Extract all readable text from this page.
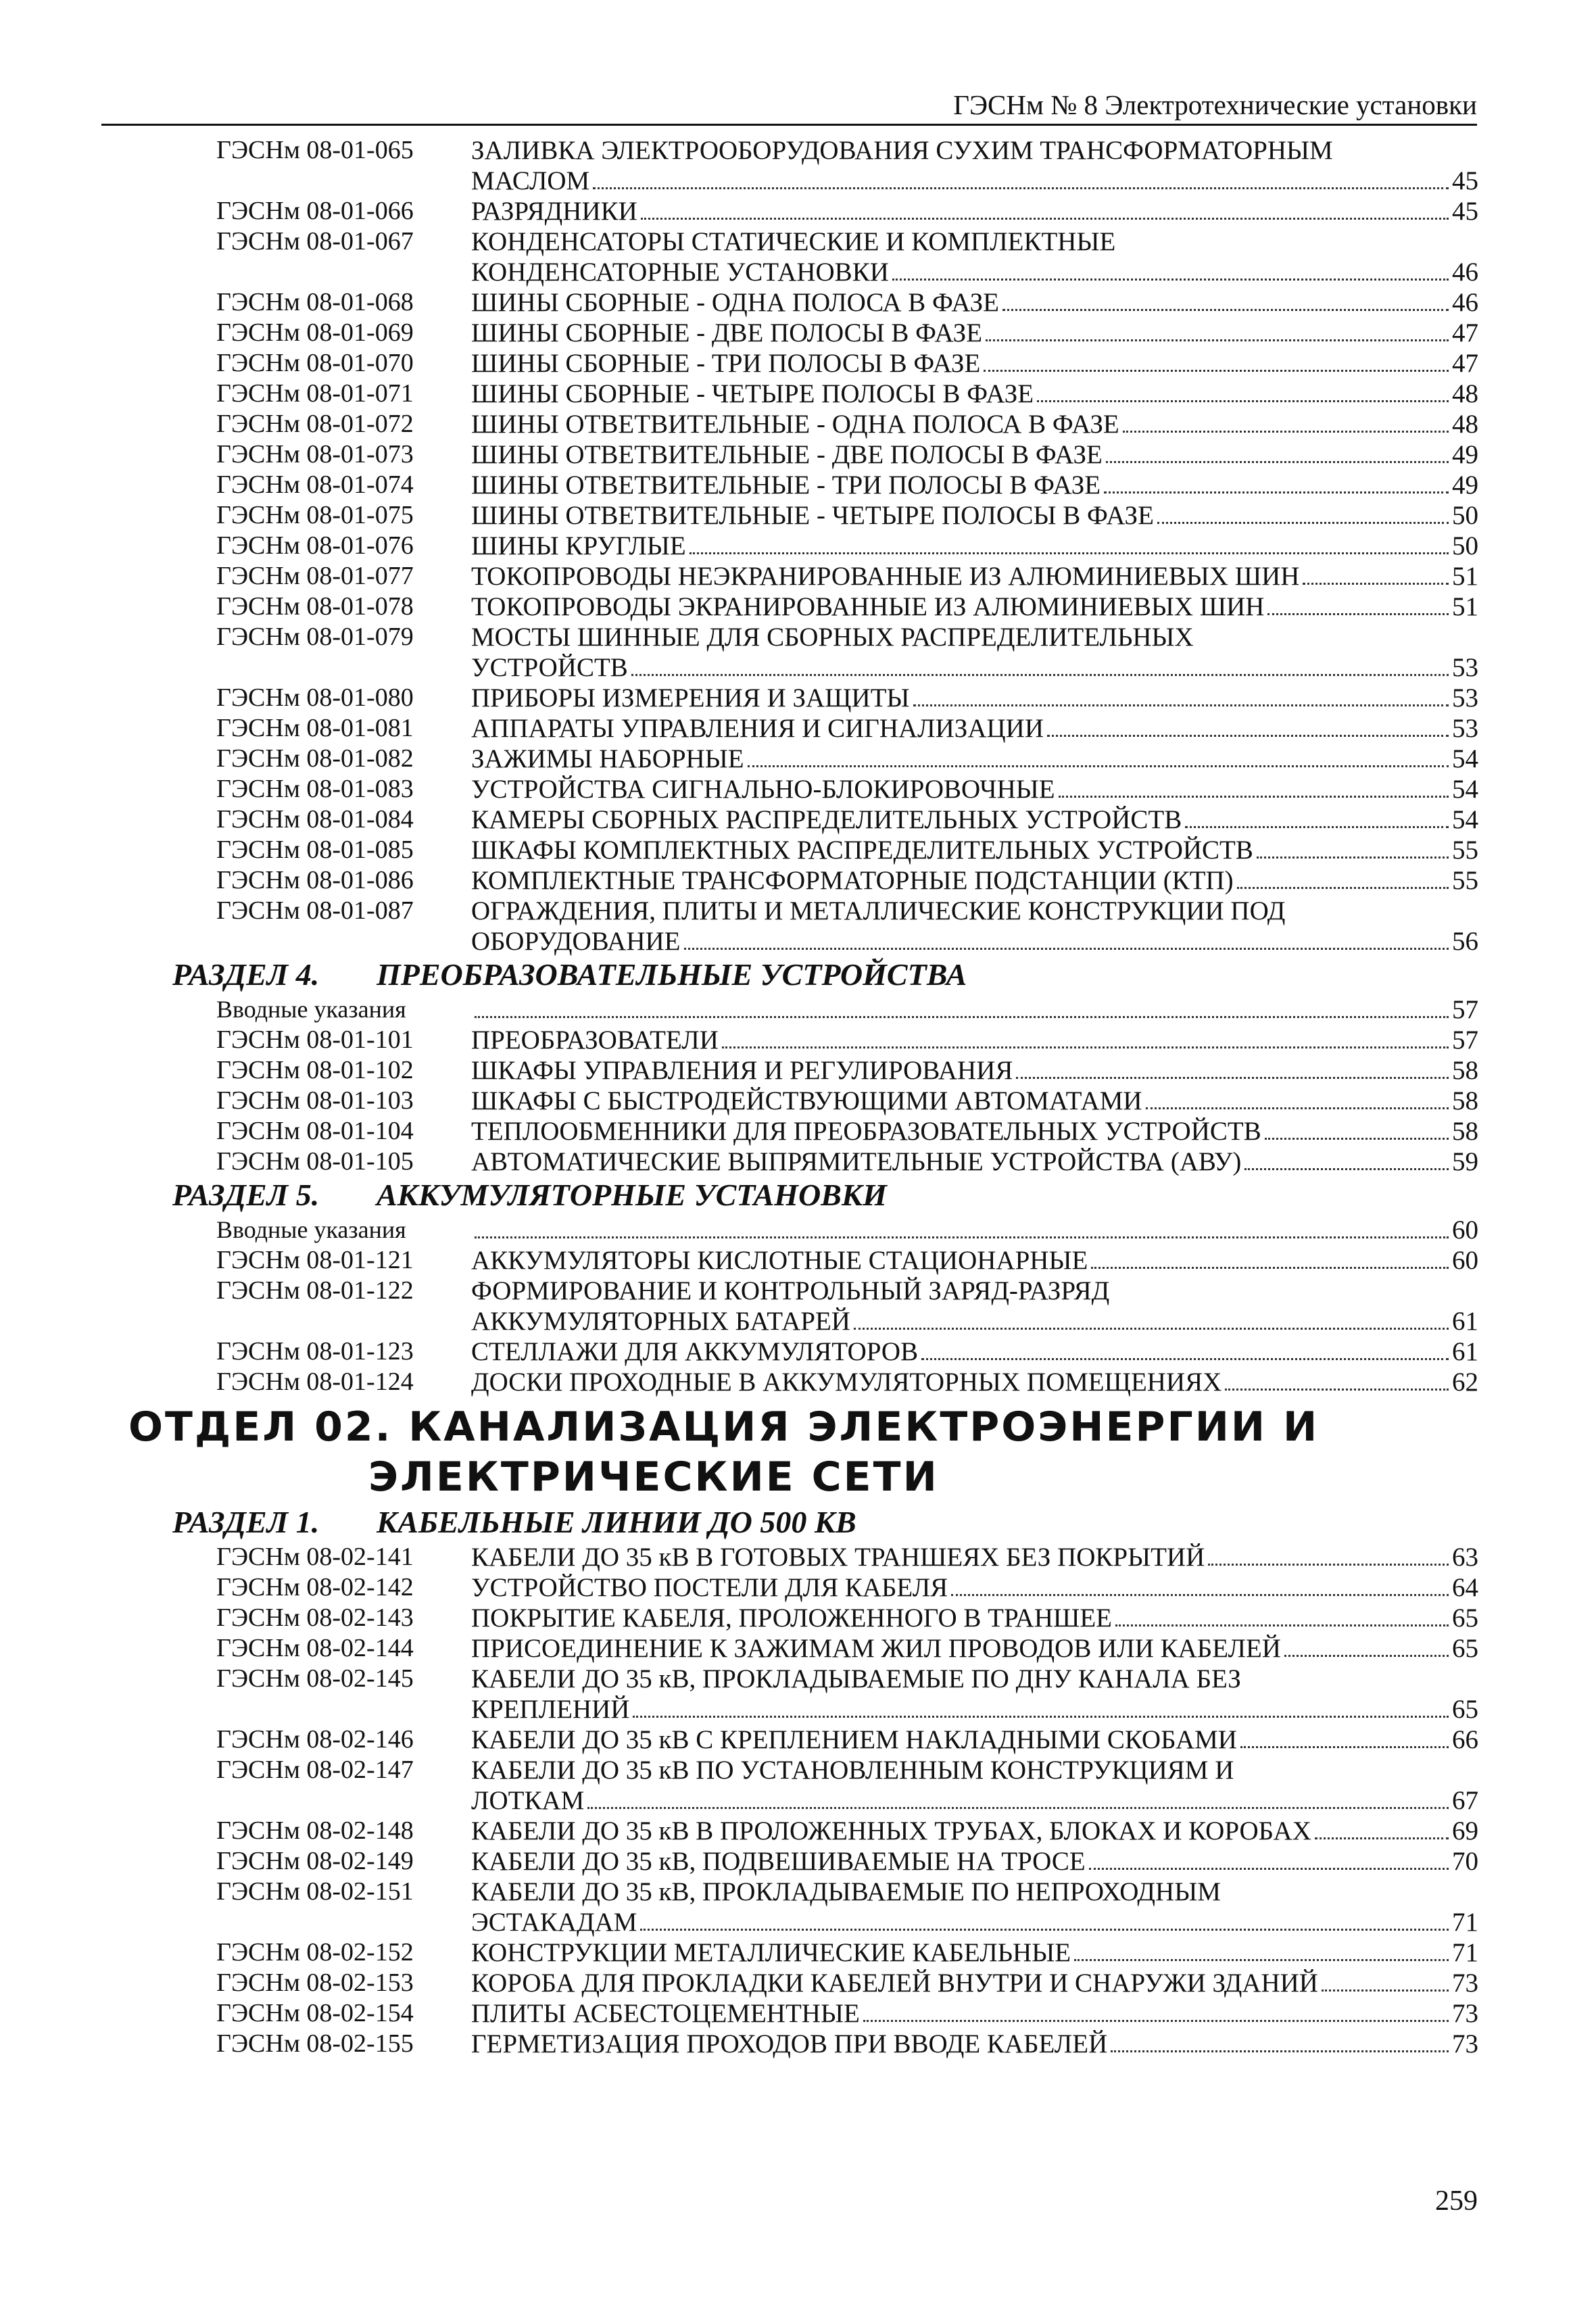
ГЭСНм № 8 Электротехнические установки
ГЭСНм 08-01-065	ЗАЛИВКА ЭЛЕКТРООБОРУДОВАНИЯ СУХИМ ТРАНСФОРМАТОРНЫМ
МАСЛОМ	45
ГЭСНм 08-01-066	РАЗРЯДНИКИ	45
ГЭСНм 08-01-067	КОНДЕНСАТОРЫ СТАТИЧЕСКИЕ И КОМПЛЕКТНЫЕ
КОНДЕНСАТОРНЫЕ УСТАНОВКИ	46
ГЭСНм 08-01-068	ШИНЫ СБОРНЫЕ - ОДНА ПОЛОСА В ФАЗЕ	46
ГЭСНм 08-01-069	ШИНЫ СБОРНЫЕ - ДВЕ ПОЛОСЫ В ФАЗЕ	47
ГЭСНм 08-01-070	ШИНЫ СБОРНЫЕ - ТРИ ПОЛОСЫ В ФАЗЕ	47
ГЭСНм 08-01-071	ШИНЫ СБОРНЫЕ - ЧЕТЫРЕ ПОЛОСЫ В ФАЗЕ	48
ГЭСНм 08-01-072	ШИНЫ ОТВЕТВИТЕЛЬНЫЕ - ОДНА ПОЛОСА В ФАЗЕ	48
ГЭСНм 08-01-073	ШИНЫ ОТВЕТВИТЕЛЬНЫЕ - ДВЕ ПОЛОСЫ В ФАЗЕ	49
ГЭСНм 08-01-074	ШИНЫ ОТВЕТВИТЕЛЬНЫЕ - ТРИ ПОЛОСЫ В ФАЗЕ	49
ГЭСНм 08-01-075	ШИНЫ ОТВЕТВИТЕЛЬНЫЕ - ЧЕТЫРЕ ПОЛОСЫ В ФАЗЕ	50
ГЭСНм 08-01-076	ШИНЫ КРУГЛЫЕ	50
ГЭСНм 08-01-077	ТОКОПРОВОДЫ НЕЭКРАНИРОВАННЫЕ ИЗ АЛЮМИНИЕВЫХ ШИН	51
ГЭСНм 08-01-078	ТОКОПРОВОДЫ ЭКРАНИРОВАННЫЕ ИЗ АЛЮМИНИЕВЫХ ШИН	51
ГЭСНм 08-01-079	МОСТЫ ШИННЫЕ ДЛЯ СБОРНЫХ РАСПРЕДЕЛИТЕЛЬНЫХ
УСТРОЙСТВ	53
ГЭСНм 08-01-080	ПРИБОРЫ ИЗМЕРЕНИЯ И ЗАЩИТЫ	53
ГЭСНм 08-01-081	АППАРАТЫ УПРАВЛЕНИЯ И СИГНАЛИЗАЦИИ	53
ГЭСНм 08-01-082	ЗАЖИМЫ НАБОРНЫЕ	54
ГЭСНм 08-01-083	УСТРОЙСТВА СИГНАЛЬНО-БЛОКИРОВОЧНЫЕ	54
ГЭСНм 08-01-084	КАМЕРЫ СБОРНЫХ РАСПРЕДЕЛИТЕЛЬНЫХ УСТРОЙСТВ	54
ГЭСНм 08-01-085	ШКАФЫ КОМПЛЕКТНЫХ РАСПРЕДЕЛИТЕЛЬНЫХ УСТРОЙСТВ	55
ГЭСНм 08-01-086	КОМПЛЕКТНЫЕ ТРАНСФОРМАТОРНЫЕ ПОДСТАНЦИИ (КТП)	55
ГЭСНм 08-01-087	ОГРАЖДЕНИЯ, ПЛИТЫ И МЕТАЛЛИЧЕСКИЕ КОНСТРУКЦИИ ПОД
ОБОРУДОВАНИЕ	56
РАЗДЕЛ 4. ПРЕОБРАЗОВАТЕЛЬНЫЕ УСТРОЙСТВА
Вводные указания	57
ГЭСНм 08-01-101	ПРЕОБРАЗОВАТЕЛИ	57
ГЭСНм 08-01-102	ШКАФЫ УПРАВЛЕНИЯ И РЕГУЛИРОВАНИЯ	58
ГЭСНм 08-01-103	ШКАФЫ С БЫСТРОДЕЙСТВУЮЩИМИ АВТОМАТАМИ	58
ГЭСНм 08-01-104	ТЕПЛООБМЕННИКИ ДЛЯ ПРЕОБРАЗОВАТЕЛЬНЫХ УСТРОЙСТВ	58
ГЭСНм 08-01-105	АВТОМАТИЧЕСКИЕ ВЫПРЯМИТЕЛЬНЫЕ УСТРОЙСТВА (АВУ)	59
РАЗДЕЛ 5. АККУМУЛЯТОРНЫЕ УСТАНОВКИ
Вводные указания	60
ГЭСНм 08-01-121	АККУМУЛЯТОРЫ КИСЛОТНЫЕ СТАЦИОНАРНЫЕ	60
ГЭСНм 08-01-122	ФОРМИРОВАНИЕ И КОНТРОЛЬНЫЙ ЗАРЯД-РАЗРЯД
АККУМУЛЯТОРНЫХ БАТАРЕЙ	61
ГЭСНм 08-01-123	СТЕЛЛАЖИ ДЛЯ АККУМУЛЯТОРОВ	61
ГЭСНм 08-01-124	ДОСКИ ПРОХОДНЫЕ В АККУМУЛЯТОРНЫХ ПОМЕЩЕНИЯХ	62
ОТДЕЛ 02. КАНАЛИЗАЦИЯ ЭЛЕКТРОЭНЕРГИИ И
ЭЛЕКТРИЧЕСКИЕ СЕТИ
РАЗДЕЛ 1. КАБЕЛЬНЫЕ ЛИНИИ ДО 500 КВ
ГЭСНм 08-02-141	КАБЕЛИ ДО 35 кВ В ГОТОВЫХ ТРАНШЕЯХ БЕЗ ПОКРЫТИЙ	63
ГЭСНм 08-02-142	УСТРОЙСТВО ПОСТЕЛИ ДЛЯ КАБЕЛЯ	64
ГЭСНм 08-02-143	ПОКРЫТИЕ КАБЕЛЯ, ПРОЛОЖЕННОГО В ТРАНШЕЕ	65
ГЭСНм 08-02-144	ПРИСОЕДИНЕНИЕ К ЗАЖИМАМ ЖИЛ ПРОВОДОВ ИЛИ КАБЕЛЕЙ	65
ГЭСНм 08-02-145	КАБЕЛИ ДО 35 кВ, ПРОКЛАДЫВАЕМЫЕ ПО ДНУ КАНАЛА БЕЗ
КРЕПЛЕНИЙ	65
ГЭСНм 08-02-146	КАБЕЛИ ДО 35 кВ С КРЕПЛЕНИЕМ НАКЛАДНЫМИ СКОБАМИ	66
ГЭСНм 08-02-147	КАБЕЛИ ДО 35 кВ ПО УСТАНОВЛЕННЫМ КОНСТРУКЦИЯМ И
ЛОТКАМ	67
ГЭСНм 08-02-148	КАБЕЛИ ДО 35 кВ В ПРОЛОЖЕННЫХ ТРУБАХ, БЛОКАХ И КОРОБАХ	69
ГЭСНм 08-02-149	КАБЕЛИ ДО 35 кВ, ПОДВЕШИВАЕМЫЕ НА ТРОСЕ	70
ГЭСНм 08-02-151	КАБЕЛИ ДО 35 кВ, ПРОКЛАДЫВАЕМЫЕ ПО НЕПРОХОДНЫМ
ЭСТАКАДАМ	71
ГЭСНм 08-02-152	КОНСТРУКЦИИ МЕТАЛЛИЧЕСКИЕ КАБЕЛЬНЫЕ	71
ГЭСНм 08-02-153	КОРОБА ДЛЯ ПРОКЛАДКИ КАБЕЛЕЙ ВНУТРИ И СНАРУЖИ ЗДАНИЙ	73
ГЭСНм 08-02-154	ПЛИТЫ АСБЕСТОЦЕМЕНТНЫЕ	73
ГЭСНм 08-02-155	ГЕРМЕТИЗАЦИЯ ПРОХОДОВ ПРИ ВВОДЕ КАБЕЛЕЙ	73
259
